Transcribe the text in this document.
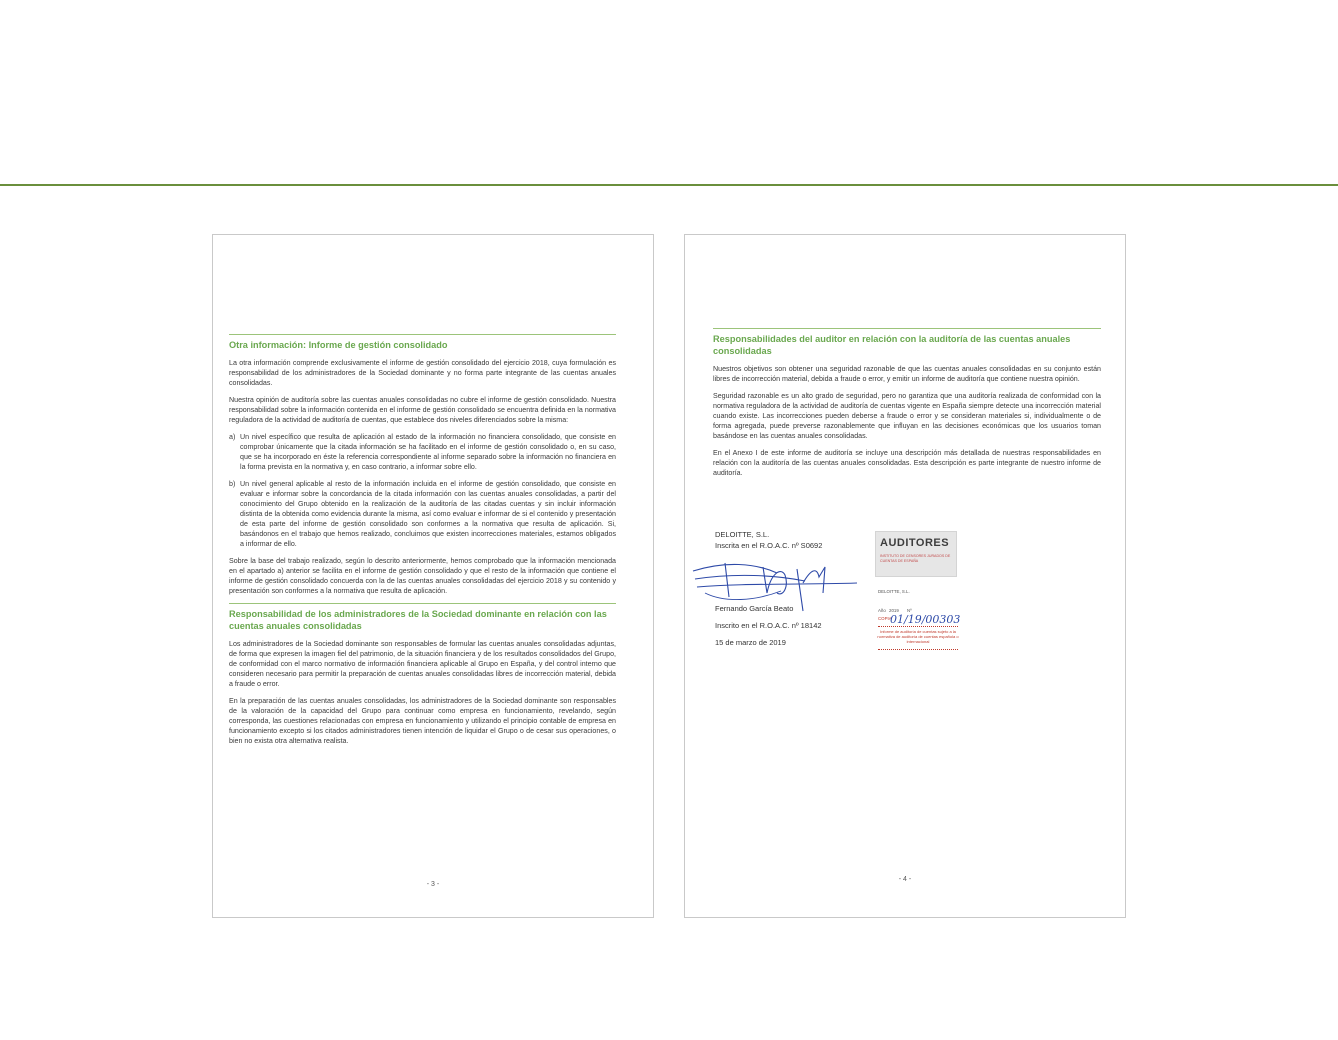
Otra información: Informe de gestión consolidado

La otra información comprende exclusivamente el informe de gestión consolidado del ejercicio 2018, cuya formulación es responsabilidad de los administradores de la Sociedad dominante y no forma parte integrante de las cuentas anuales consolidadas.

Nuestra opinión de auditoría sobre las cuentas anuales consolidadas no cubre el informe de gestión consolidado. Nuestra responsabilidad sobre la información contenida en el informe de gestión consolidado se encuentra definida en la normativa reguladora de la actividad de auditoría de cuentas, que establece dos niveles diferenciados sobre la misma:

a) Un nivel específico que resulta de aplicación al estado de la información no financiera consolidado, que consiste en comprobar únicamente que la citada información se ha facilitado en el informe de gestión consolidado o, en su caso, que se ha incorporado en éste la referencia correspondiente al informe separado sobre la información no financiera en la forma prevista en la normativa y, en caso contrario, a informar sobre ello.
b) Un nivel general aplicable al resto de la información incluida en el informe de gestión consolidado, que consiste en evaluar e informar sobre la concordancia de la citada información con las cuentas anuales consolidadas, a partir del conocimiento del Grupo obtenido en la realización de la auditoría de las citadas cuentas y sin incluir información distinta de la obtenida como evidencia durante la misma, así como evaluar e informar de si el contenido y presentación de esta parte del informe de gestión consolidado son conformes a la normativa que resulta de aplicación. Si, basándonos en el trabajo que hemos realizado, concluimos que existen incorrecciones materiales, estamos obligados a informar de ello.

Sobre la base del trabajo realizado, según lo descrito anteriormente, hemos comprobado que la información mencionada en el apartado a) anterior se facilita en el informe de gestión consolidado y que el resto de la información que contiene el informe de gestión consolidado concuerda con la de las cuentas anuales consolidadas del ejercicio 2018 y su contenido y presentación son conformes a la normativa que resulta de aplicación.

Responsabilidad de los administradores de la Sociedad dominante en relación con las cuentas anuales consolidadas

Los administradores de la Sociedad dominante son responsables de formular las cuentas anuales consolidadas adjuntas, de forma que expresen la imagen fiel del patrimonio, de la situación financiera y de los resultados consolidados del Grupo, de conformidad con el marco normativo de información financiera aplicable al Grupo en España, y del control interno que consideren necesario para permitir la preparación de cuentas anuales consolidadas libres de incorrección material, debida a fraude o error.

En la preparación de las cuentas anuales consolidadas, los administradores de la Sociedad dominante son responsables de la valoración de la capacidad del Grupo para continuar como empresa en funcionamiento, revelando, según corresponda, las cuestiones relacionadas con empresa en funcionamiento y utilizando el principio contable de empresa en funcionamiento excepto si los citados administradores tienen intención de liquidar el Grupo o de cesar sus operaciones, o bien no exista otra alternativa realista.

- 3 -
Responsabilidades del auditor en relación con la auditoría de las cuentas anuales consolidadas

Nuestros objetivos son obtener una seguridad razonable de que las cuentas anuales consolidadas en su conjunto están libres de incorrección material, debida a fraude o error, y emitir un informe de auditoría que contiene nuestra opinión.

Seguridad razonable es un alto grado de seguridad, pero no garantiza que una auditoría realizada de conformidad con la normativa reguladora de la actividad de auditoría de cuentas vigente en España siempre detecte una incorrección material cuando existe. Las incorrecciones pueden deberse a fraude o error y se consideran materiales si, individualmente o de forma agregada, puede preverse razonablemente que influyan en las decisiones económicas que los usuarios toman basándose en las cuentas anuales consolidadas.

En el Anexo I de este informe de auditoría se incluye una descripción más detallada de nuestras responsabilidades en relación con la auditoría de las cuentas anuales consolidadas. Esta descripción es parte integrante de nuestro informe de auditoría.

DELOITTE, S.L.
Inscrita en el R.O.A.C. nº S0692
Fernando García Beato
Inscrito en el R.O.A.C. nº 18142
15 de marzo de 2019
AUDITORES
INSTITUTO DE CENSORES JURADOS DE CUENTAS DE ESPAÑA
DELOITTE, S.L.
Año 2019 Nº
COPIA
01/19/00303
Informe de auditoría de cuentas sujeto a la normativa de auditoría de cuentas española o internacional
- 4 -
